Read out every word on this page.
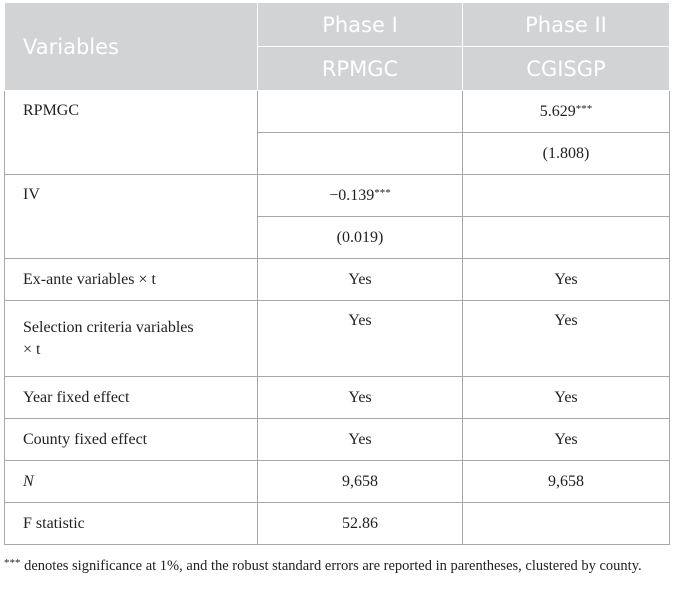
Variables	Phase I	Phase II
	RPMGC	CGISGP
RPMGC		5.629***
		(1.808)
IV	−0.139***	
	(0.019)	
Ex-ante variables × t	Yes	Yes
Selection criteria variables
× t	Yes	Yes
Year fixed effect	Yes	Yes
County fixed effect	Yes	Yes
N	9,658	9,658
F statistic	52.86	
*** denotes significance at 1%, and the robust standard errors are reported in parentheses, clustered by county.
